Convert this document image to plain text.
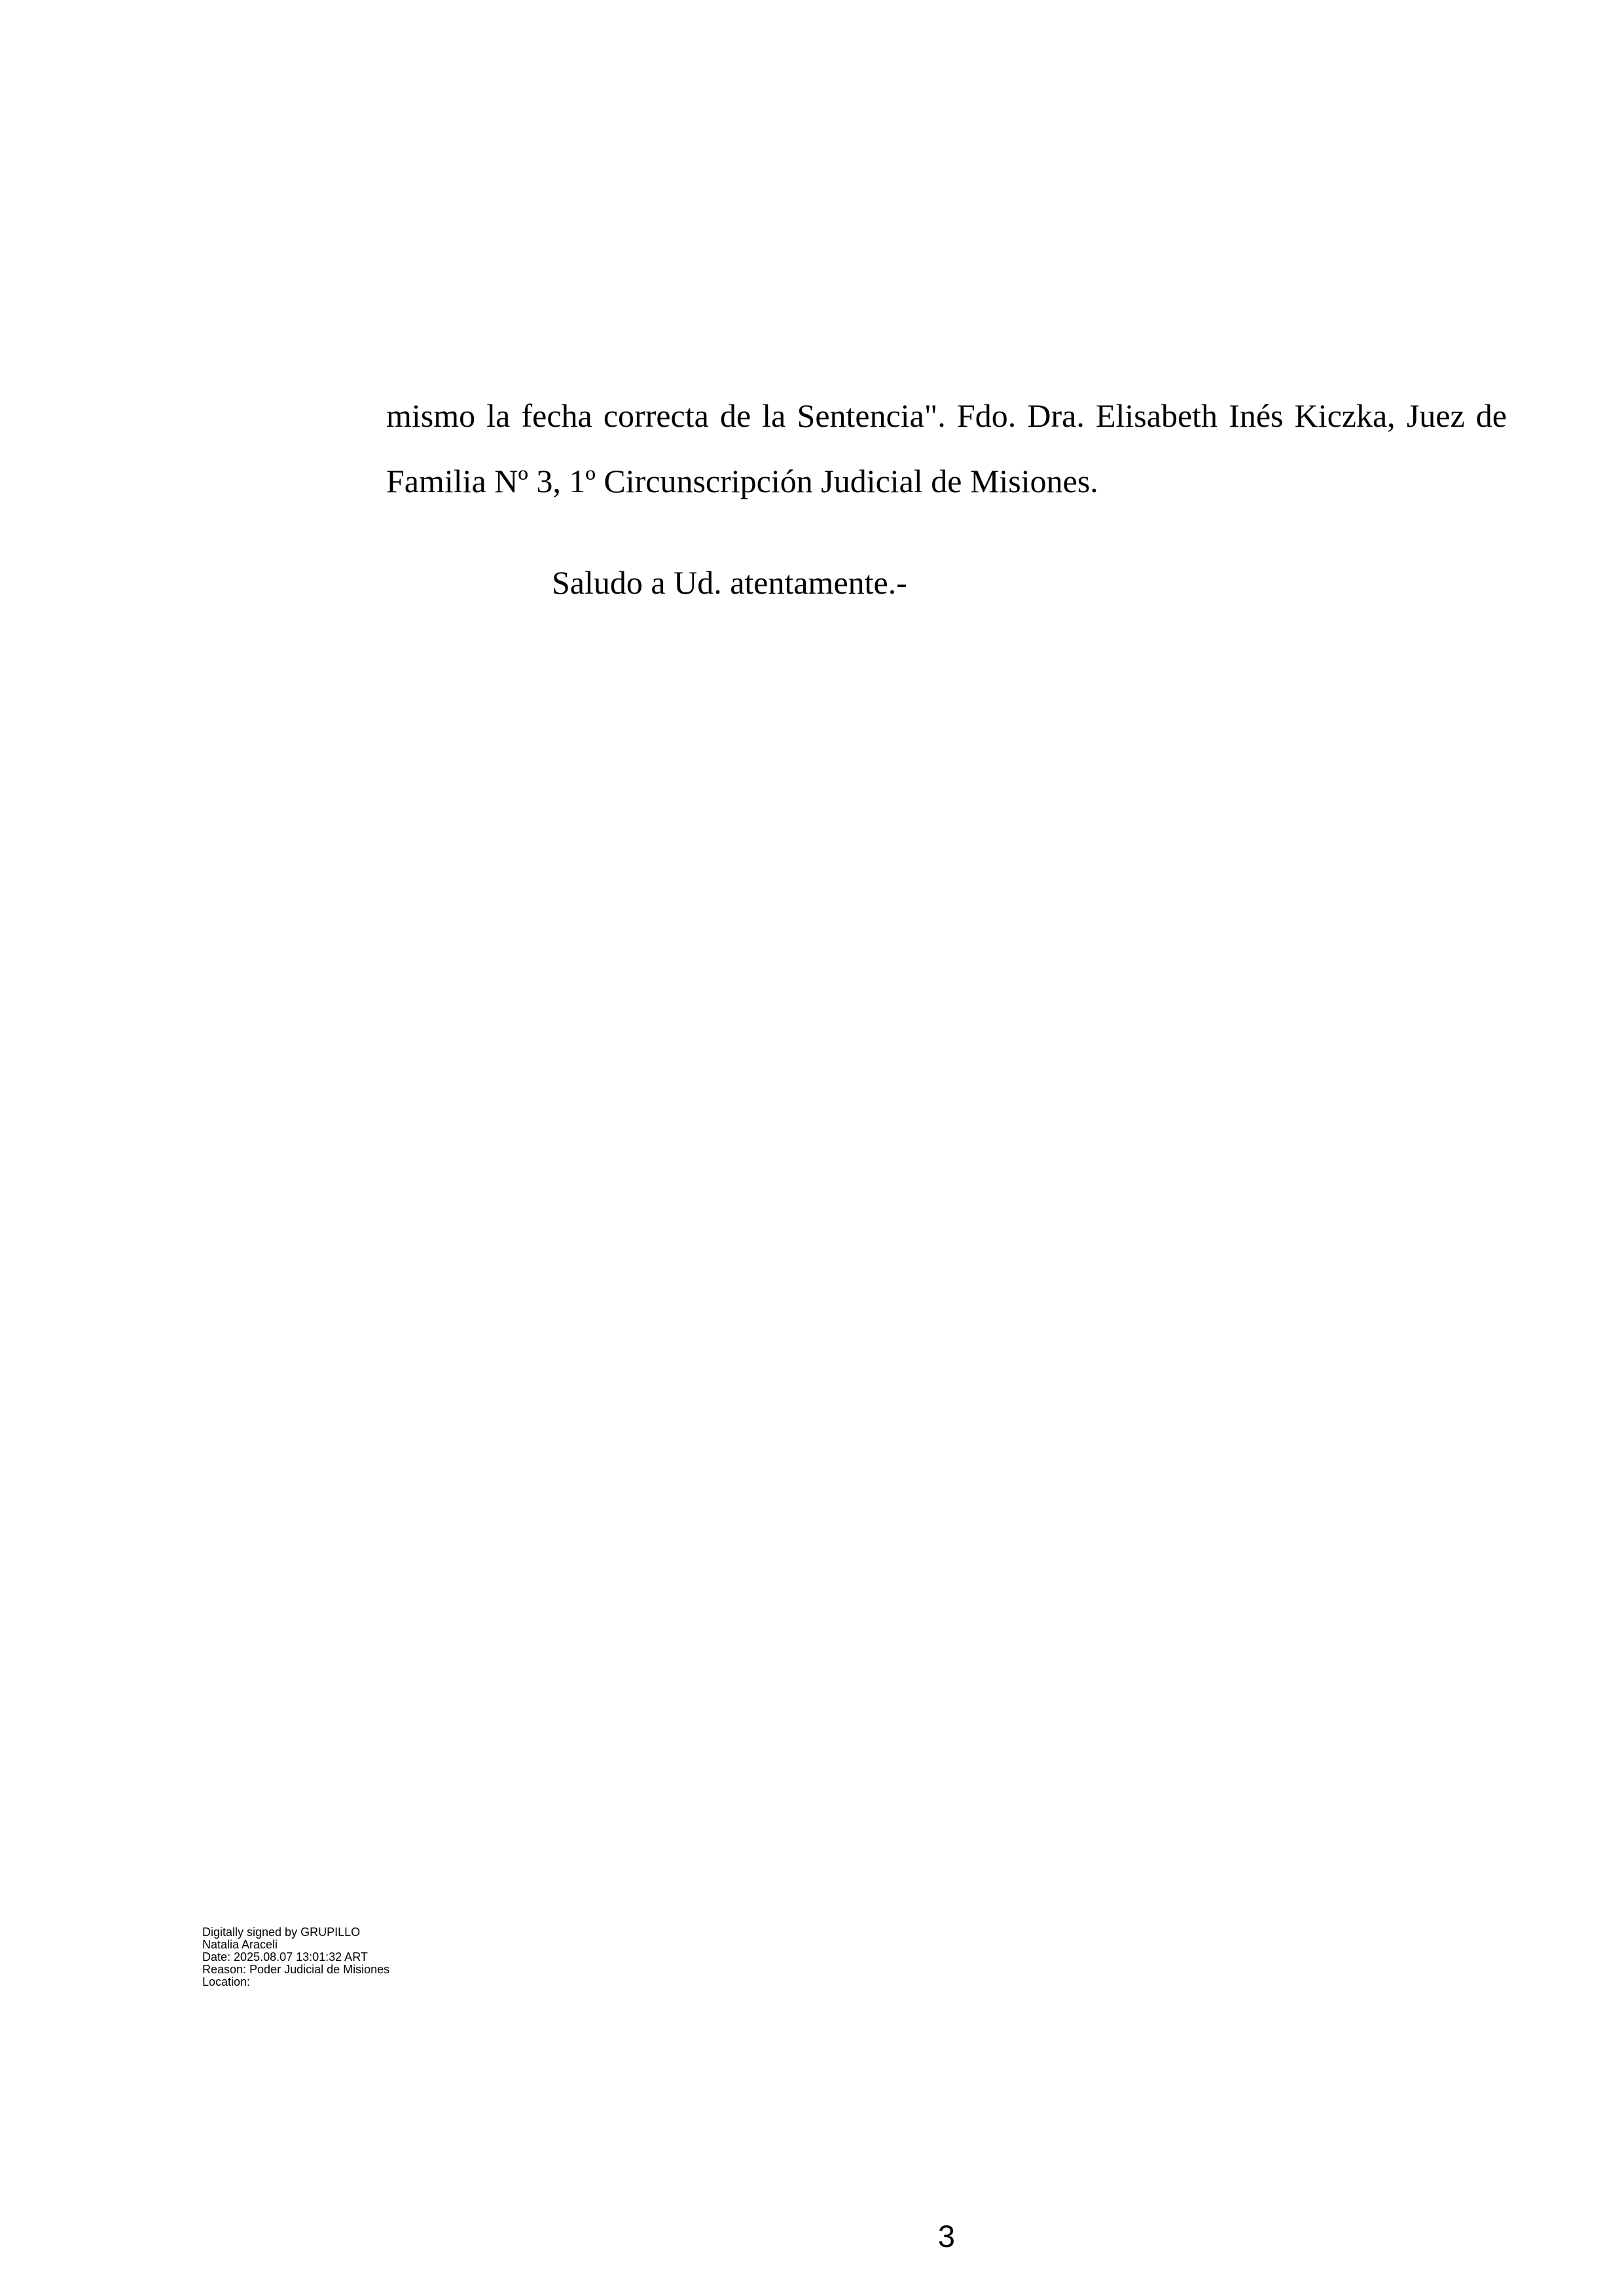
mismo la fecha correcta de la Sentencia". Fdo. Dra. Elisabeth Inés Kiczka, Juez de
Familia Nº 3, 1º Circunscripción Judicial de Misiones.
Saludo a Ud. atentamente.-
Digitally signed by GRUPILLO
Natalia Araceli
Date: 2025.08.07 13:01:32 ART
Reason: Poder Judicial de Misiones
Location:
3
